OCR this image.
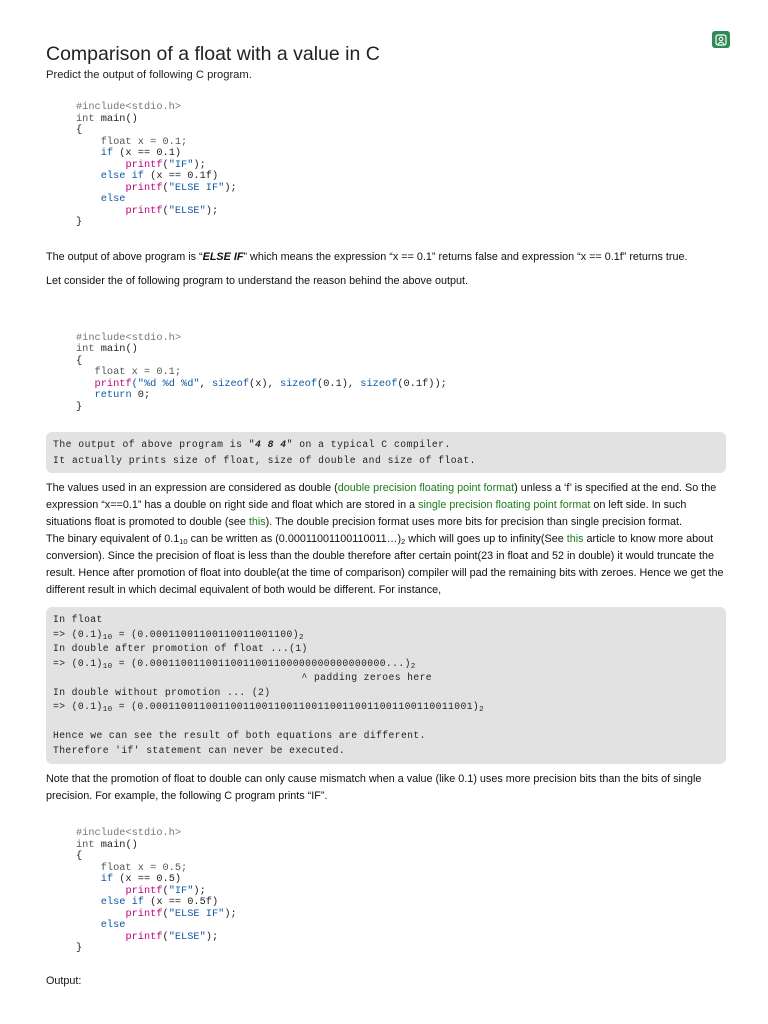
Comparison of a float with a value in C
Predict the output of following C program.
#include<stdio.h>
int main()
{
float x = 0.1;
if (x == 0.1)
printf("IF");
else if (x == 0.1f)
printf("ELSE IF");
else
printf("ELSE");
}

The output of above program is “ELSE IF” which means the expression “x == 0.1” returns false and expression “x == 0.1f” returns true.

Let consider the of following program to understand the reason behind the above output.

#include<stdio.h>
int main()
{
float x = 0.1;
printf("%d %d %d", sizeof(x), sizeof(0.1), sizeof(0.1f));
return 0;
}
The output of above program is "4 8 4" on a typical C compiler.
It actually prints size of float, size of double and size of float.

The values used in an expression are considered as double (double precision floating point format) unless a ‘f’ is specified at the end. So the expression “x==0.1” has a double on right side and float which are stored in a single precision floating point format on left side. In such situations float is promoted to double (see this). The double precision format uses more bits for precision than single precision format.
The binary equivalent of $0.1_{10}$ can be written as $(0.00011001100110011\dots)_2$ which will goes up to infinity(See this article to know more about conversion). Since the precision of float is less than the double therefore after certain point(23 in float and 52 in double) it would truncate the result. Hence after promotion of float into double(at the time of comparison) compiler will pad the remaining bits with zeroes. Hence we get the different result in which decimal equivalent of both would be different. For instance,

In float
=> $(0.1)_{10} = (0.00011001100110011001100)_2$
In double after promotion of float ...(1)
=> $(0.1)_{10} = (0.00011001100110011001100000000000000000...)_2$
^ padding zeroes here
In double without promotion ... (2)
=> $(0.1)_{10} = (0.0001100110011001100110011001100110011001100110011001)_2$

Hence we can see the result of both equations are different.
Therefore 'if' statement can never be executed.

Note that the promotion of float to double can only cause mismatch when a value (like 0.1) uses more precision bits than the bits of single precision. For example, the following C program prints “IF”.

#include<stdio.h>
int main()
{
float x = 0.5;
if (x == 0.5)
printf("IF");
else if (x == 0.5f)
printf("ELSE IF");
else
printf("ELSE");
}

Output:
